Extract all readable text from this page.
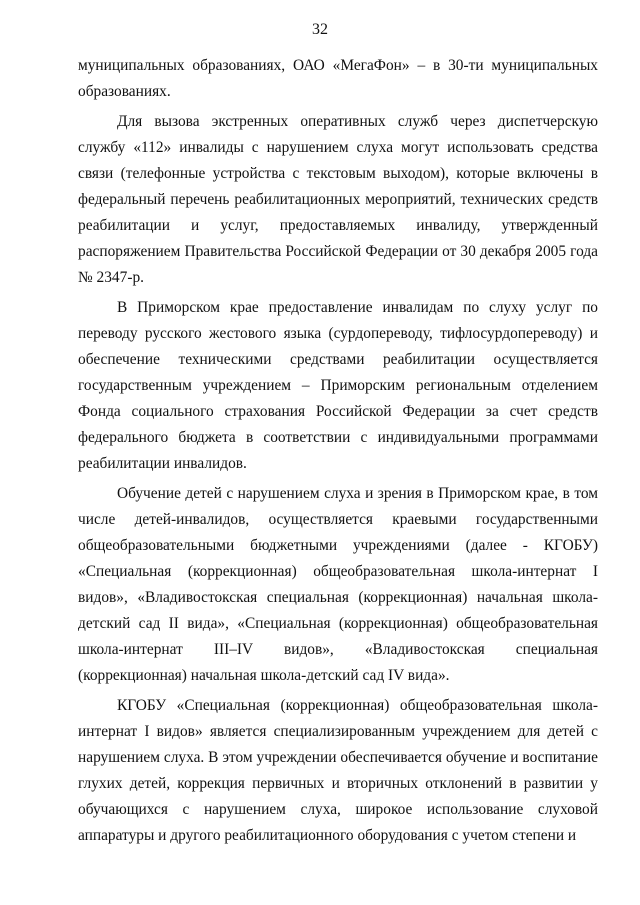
32

муниципальных образованиях, ОАО «МегаФон» – в 30-ти муниципальных образованиях.

Для вызова экстренных оперативных служб через диспетчерскую службу «112» инвалиды с нарушением слуха могут использовать средства связи (телефонные устройства с текстовым выходом), которые включены в федеральный перечень реабилитационных мероприятий, технических средств реабилитации и услуг, предоставляемых инвалиду, утвержденный распоряжением Правительства Российской Федерации от 30 декабря 2005 года № 2347-р.

В Приморском крае предоставление инвалидам по слуху услуг по переводу русского жестового языка (сурдопереводу, тифлосурдопереводу) и обеспечение техническими средствами реабилитации осуществляется государственным учреждением – Приморским региональным отделением Фонда социального страхования Российской Федерации за счет средств федерального бюджета в соответствии с индивидуальными программами реабилитации инвалидов.

Обучение детей с нарушением слуха и зрения в Приморском крае, в том числе детей-инвалидов, осуществляется краевыми государственными общеобразовательными бюджетными учреждениями (далее - КГОБУ) «Специальная (коррекционная) общеобразовательная школа-интернат I видов», «Владивостокская специальная (коррекционная) начальная школа-детский сад II вида», «Специальная (коррекционная) общеобразовательная школа-интернат III–IV видов», «Владивостокская специальная (коррекционная) начальная школа-детский сад IV вида».

КГОБУ «Специальная (коррекционная) общеобразовательная школа-интернат I видов» является специализированным учреждением для детей с нарушением слуха. В этом учреждении обеспечивается обучение и воспитание глухих детей, коррекция первичных и вторичных отклонений в развитии у обучающихся с нарушением слуха, широкое использование слуховой аппаратуры и другого реабилитационного оборудования с учетом степени и
